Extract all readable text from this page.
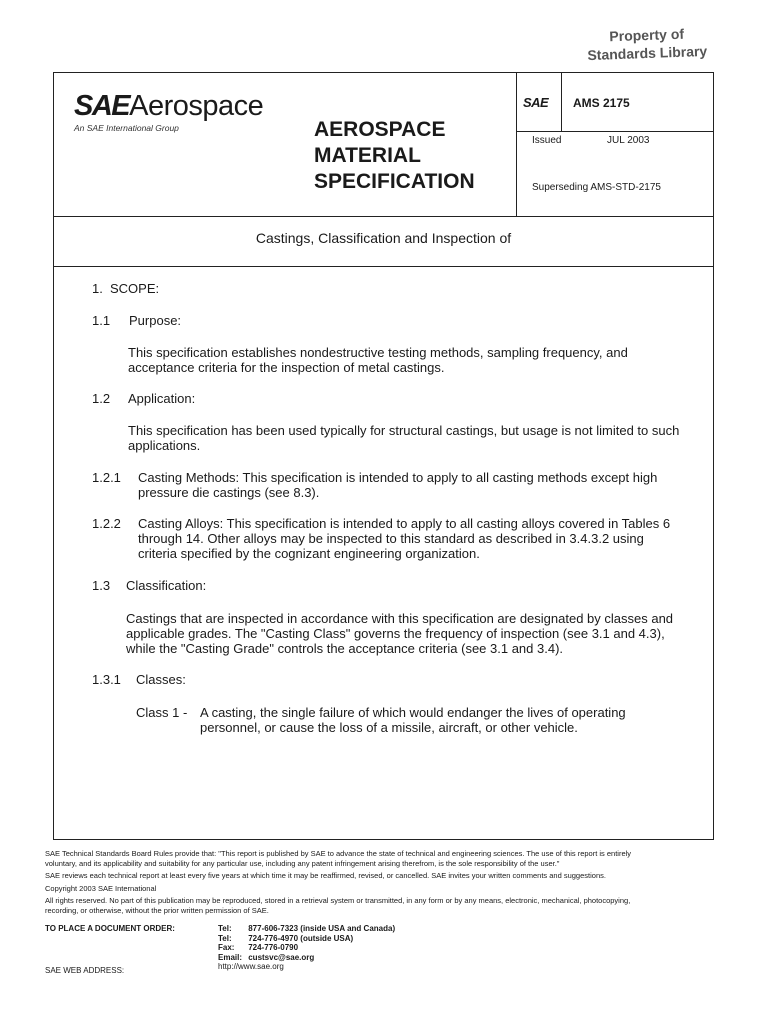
Property of
Standards Library
SAEAerospace
An SAE International Group	AEROSPACE
MATERIAL
SPECIFICATION
SAE AMS 2175
Issued	JUL 2003
Superseding AMS-STD-2175
Castings, Classification and Inspection of
1. SCOPE:
1.1 Purpose:
This specification establishes nondestructive testing methods, sampling frequency, and
acceptance criteria for the inspection of metal castings.
1.2 Application:
This specification has been used typically for structural castings, but usage is not limited to such
applications.
1.2.1 Casting Methods: This specification is intended to apply to all casting methods except high
pressure die castings (see 8.3).
1.2.2 Casting Alloys: This specification is intended to apply to all casting alloys covered in Tables 6
through 14. Other alloys may be inspected to this standard as described in 3.4.3.2 using
criteria specified by the cognizant engineering organization.
1.3 Classification:
Castings that are inspected in accordance with this specification are designated by classes and
applicable grades. The "Casting Class" governs the frequency of inspection (see 3.1 and 4.3),
while the "Casting Grade" controls the acceptance criteria (see 3.1 and 3.4).
1.3.1 Classes:
Class 1 - A casting, the single failure of which would endanger the lives of operating
personnel, or cause the loss of a missile, aircraft, or other vehicle.

SAE Technical Standards Board Rules provide that: "This report is published by SAE to advance the state of technical and engineering sciences. The use of this report is entirely
voluntary, and its applicability and suitability for any particular use, including any patent infringement arising therefrom, is the sole responsibility of the user."

SAE reviews each technical report at least every five years at which time it may be reaffirmed, revised, or cancelled. SAE invites your written comments and suggestions.

Copyright 2003 SAE International

All rights reserved. No part of this publication may be reproduced, stored in a retrieval system or transmitted, in any form or by any means, electronic, mechanical, photocopying,
recording, or otherwise, without the prior written permission of SAE.

TO PLACE A DOCUMENT ORDER:
SAE WEB ADDRESS:
Tel: 877-606-7323 (inside USA and Canada)
Tel: 724-776-4970 (outside USA)
Fax: 724-776-0790
Email: custsvc@sae.org
http://www.sae.org
